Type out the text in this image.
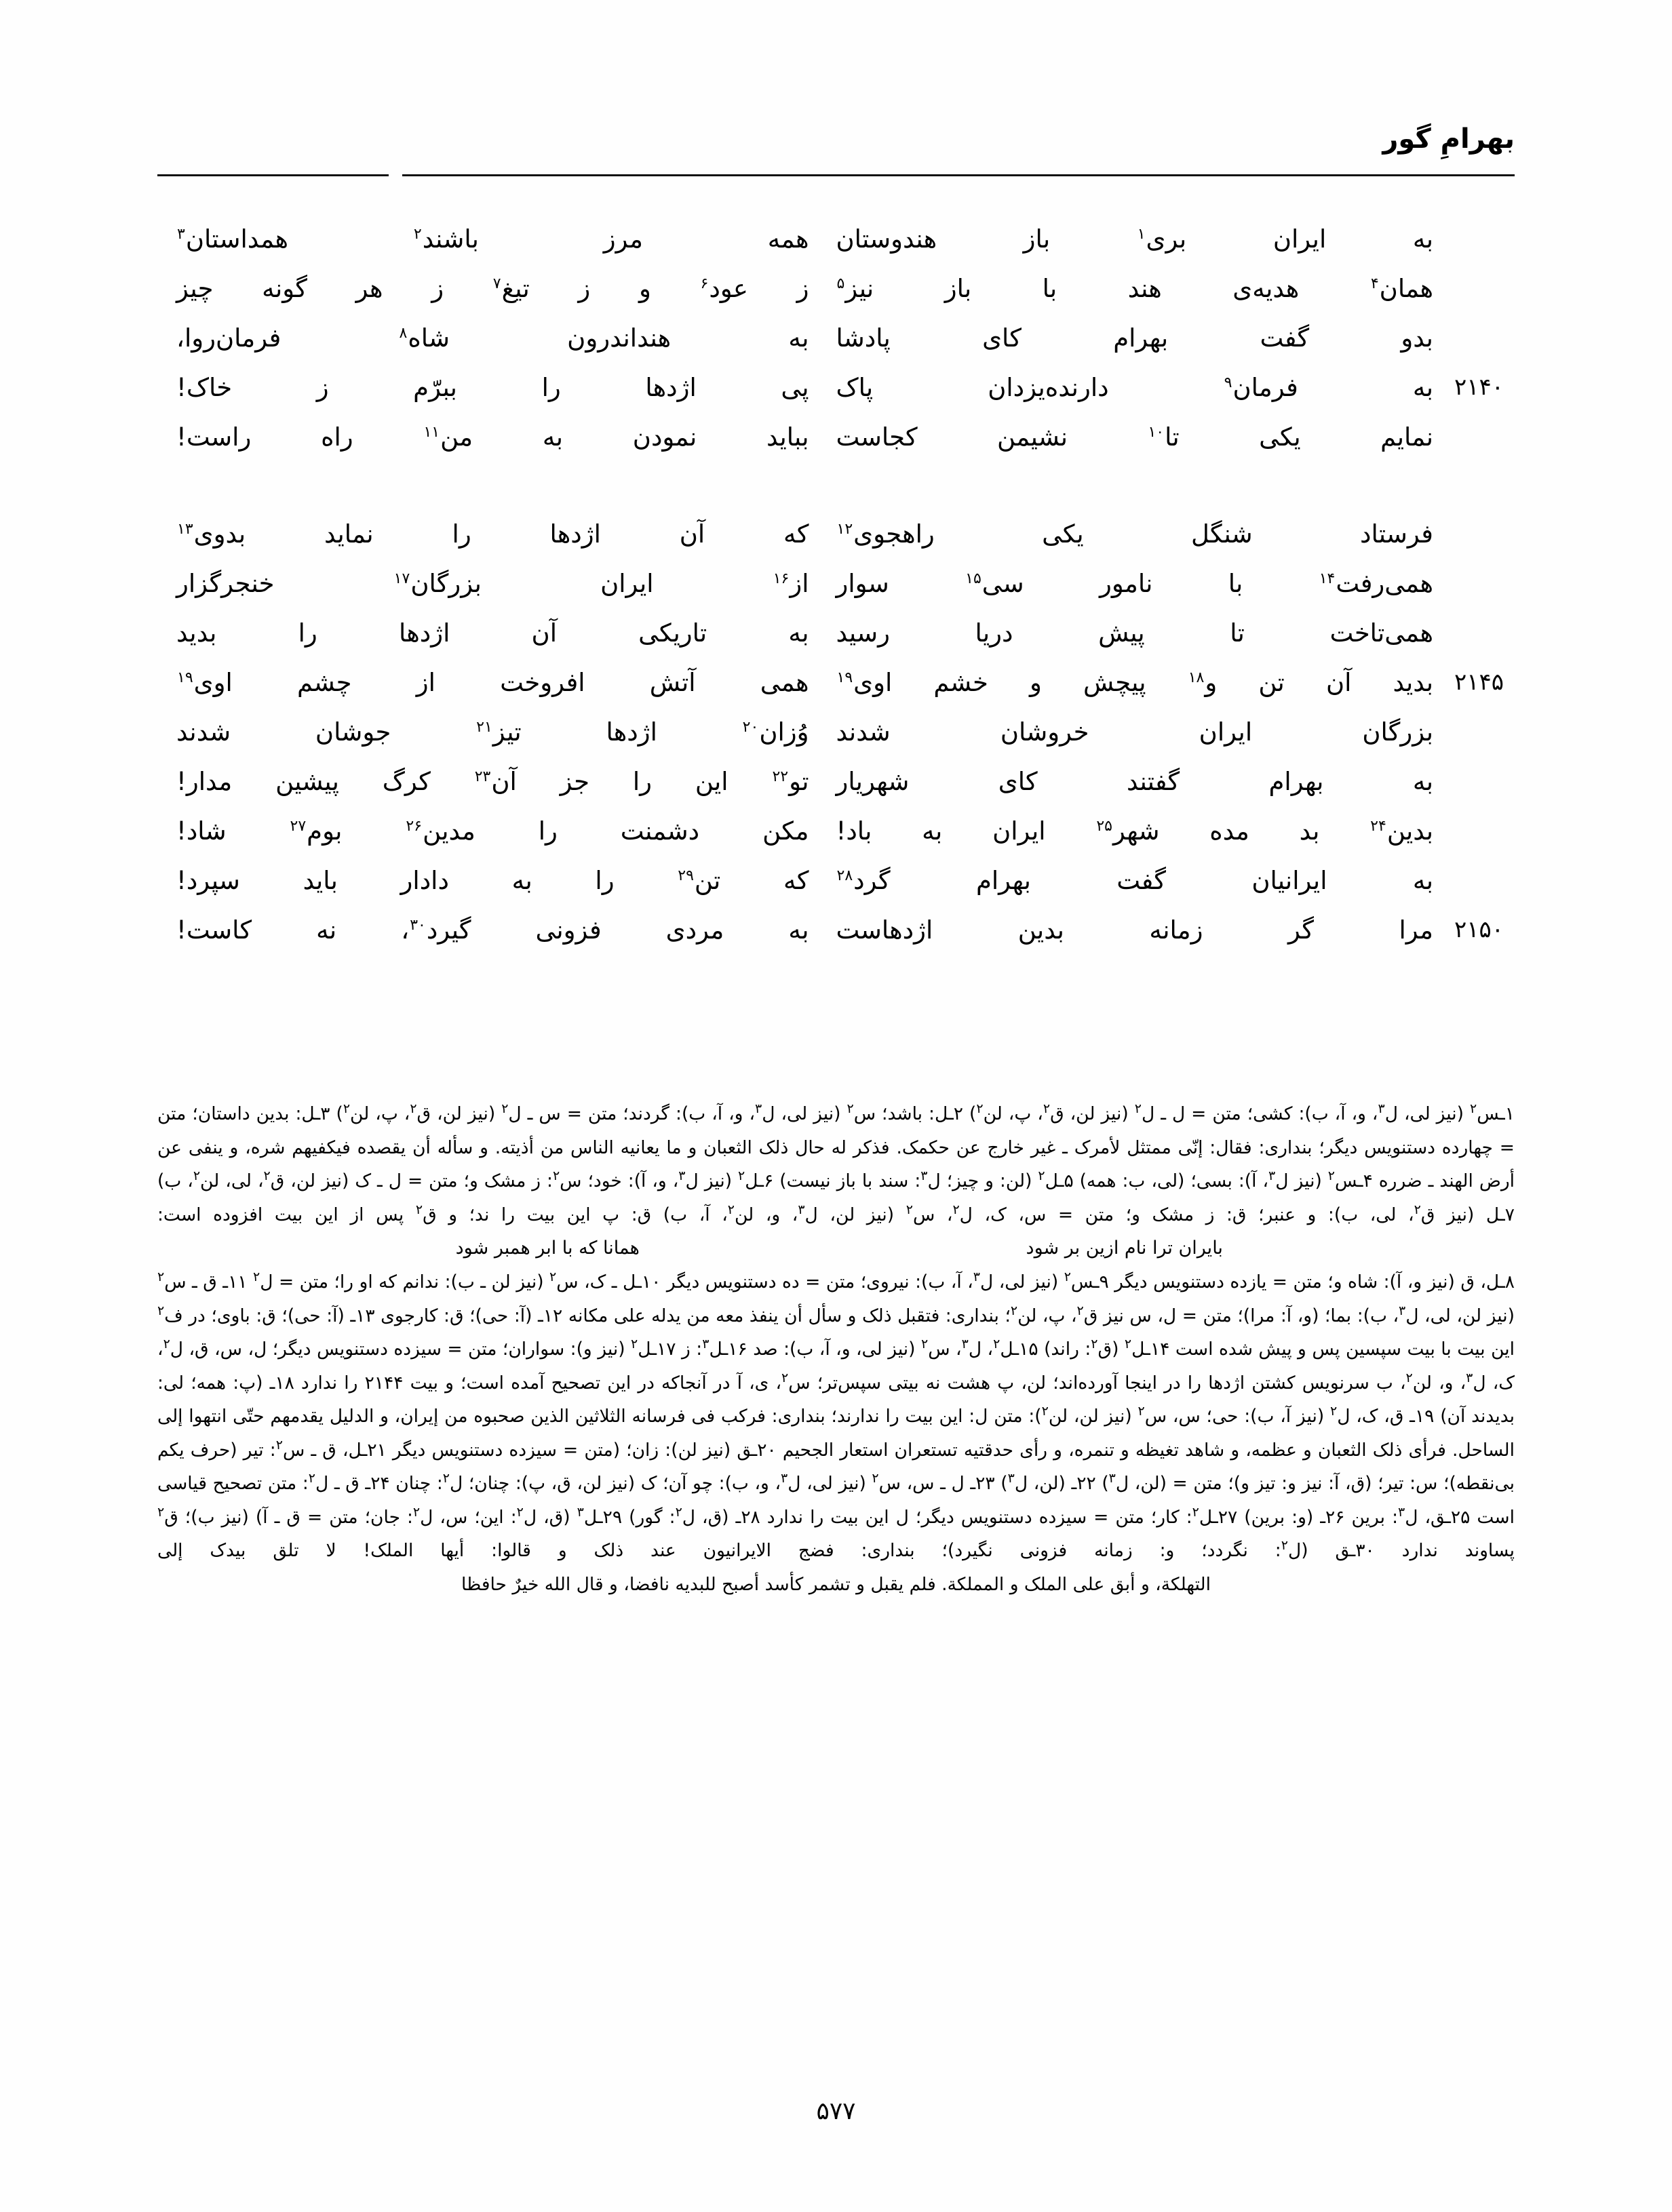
بهرامِ گور
به ایران بری$^۱$ باز هندوستان
همه مرز باشند$^۲$ همداستان$^۳$
همان$^۴$ هدیه‌ی هند با باز نیز$^۵$
ز عود$^۶$ و ز تیغ$^۷$ ز هر گونه چیز
بدو گفت بهرام کای پادشا
به هنداندرون شاه$^۸$ فرمان‌روا،
۲۱۴۰
به فرمان$^۹$ دارنده‌یزدان پاک
پی اژدها را ببرّم ز خاک!
نمایم یکی تا$^{۱۰}$ نشیمن کجاست
بباید نمودن به من$^{۱۱}$ راه راست!
فرستاد شنگل یکی راهجوی$^{۱۲}$
که آن اژدها را نماید بدوی$^{۱۳}$
همی‌رفت$^{۱۴}$ با نامور سی$^{۱۵}$ سوار
از$^{۱۶}$ ایران بزرگان$^{۱۷}$ خنجرگزار
همی‌تاخت تا پیش دریا رسید
به تاریکی آن اژدها را بدید
۲۱۴۵
بدید آن تن و$^{۱۸}$ پیچش و خشم اوی$^{۱۹}$
همی آتش افروخت از چشم اوی$^{۱۹}$
بزرگان ایران خروشان شدند
وُزان$^{۲۰}$ اژدها تیز$^{۲۱}$ جوشان شدند
به بهرام گفتند کای شهریار
تو$^{۲۲}$ این را جز آن$^{۲۳}$ کرگ پیشین مدار!
بدین$^{۲۴}$ بد مده شهر$^{۲۵}$ ایران به باد!
مکن دشمنت را مدین$^{۲۶}$ بوم$^{۲۷}$ شاد!
به ایرانیان گفت بهرام گرد$^{۲۸}$
که تن$^{۲۹}$ را به دادار باید سپرد!
۲۱۵۰
مرا گر زمانه بدین اژدهاست
به مردی فزونی گیرد$^{۳۰}$، نه کاست!

۱ـس$^۲$ (نیز لی، ل$^۳$، و، آ، ب): کشی؛ متن = ل ـ ل$^۲$ (نیز لن، ق$^۲$، پ، لن$^۲$)‏ ۲ـل: باشد؛ س$^۲$ (نیز لی، ل$^۳$، و، آ، ب): گردند؛ متن = س ـ ل$^۲$ (نیز لن، ق$^۲$، پ، لن$^۲$)‏ ۳ـل: بدین داستان؛ متن = چهارده دستنویس دیگر؛ بنداری: فقال: إنّی ممتثل لأمرک ـ غیر خارج عن حکمک. فذکر له حال ذلک الثعبان و ما یعانیه الناس من أذیته. و سأله أن یقصده فیکفیهم شره، و ینفی عن أرض الهند ـ ضرره ۴ـس$^۲$ (نیز ل$^۳$، آ): بسی؛ (لی، ب: همه)‏ ۵ـل$^۲$ (لن: و چیز؛ ل$^۳$: سند با باز نیست)‏ ۶ـل$^۲$ (نیز ل$^۳$، و، آ): خود؛ س$^۲$: ز مشک و؛ متن = ل ـ ک (نیز لن، ق$^۲$، لی، لن$^۲$، ب)‏ ۷ـل (نیز ق$^۲$، لی، ب): و عنبر؛ ق: ز مشک و؛ متن = س، ک، ل$^۲$، س$^۲$ (نیز لن، ل$^۳$، و، لن$^۲$، آ، ب)‏ ق: پ این بیت را ند؛ و ق$^۲$ پس از این بیت افزوده است:

بایران ترا نام ازین بر شود
همانا که با ابر همبر شود

۸ـل، ق (نیز و، آ): شاه و؛ متن = یازده دستنویس دیگر ۹ـس$^۲$ (نیز لی، ل$^۳$، آ، ب): نیروی؛ متن = ده دستنویس دیگر ۱۰ـل ـ ک، س$^۲$ (نیز لن ـ ب): ندانم که او را؛ متن = ل$^۲$ ۱۱ـ ق ـ س$^۲$ (نیز لن، لی، ل$^۳$، ب): بما؛ (و، آ: مرا)؛ متن = ل، س نیز ق$^۲$، پ، لن$^۲$؛ بنداری: فتقبل ذلک و سأل أن ینفذ معه من یدله علی مکانه ۱۲ـ (آ: حی)؛ ق: کارجوی ۱۳ـ (آ: حی)؛ ق: باوی؛ در ف$^۲$ این بیت با بیت سپسین پس و پیش شده است ۱۴ـل$^۲$ (ق$^۲$: راند) ۱۵ـل$^۲$، ل$^۳$، س$^۲$ (نیز لی، و، آ، ب): صد ۱۶ـل$^۳$: ز ۱۷ـل$^۲$ (نیز و): سواران؛ متن = سیزده دستنویس دیگر؛ ل، س، ق، ل$^۲$، ک، ل$^۳$، و، لن$^۲$، ب سرنویس کشتن اژدها را در اینجا آورده‌اند؛ لن، پ هشت نه بیتی سپس‌تر؛ س$^۲$، ی، آ در آنجاکه در این تصحیح آمده است؛ و بیت ۲۱۴۴ را ندارد ۱۸ـ (پ: همه؛ لی: بدیدند آن) ۱۹ـ ق، ک، ل$^۲$ (نیز آ، ب): حی؛ س، س$^۲$ (نیز لن، لن$^۲$): متن ل: این بیت را ندارند؛ بنداری: فرکب فی فرسانه الثلاثین الذین صحبوه من إیران، و الدلیل یقدمهم حتّی انتهوا إلی الساحل. فرأی ذلک الثعبان و عظمه، و شاهد تغیظه و تنمره، و رأی حدقتیه تستعران استعار الجحیم ۲۰ـق (نیز لن): زان؛ (متن = سیزده دستنویس دیگر ۲۱ـل، ق ـ س$^۲$: تیر (حرف یکم بی‌نقطه)؛ س: تیر؛ (ق، آ: نیز و: تیز و)؛ متن = (لن، ل$^۳$) ۲۲ـ (لن، ل$^۳$) ۲۳ـ ل ـ س، س$^۲$ (نیز لی، ل$^۳$، و، ب): چو آن؛ ک (نیز لن، ق، پ): چنان؛ ل$^۲$: چنان ۲۴ـ ق ـ ل$^۲$: متن تصحیح قیاسی است ۲۵ـق، ل$^۳$: برین ۲۶ـ (و: برین) ۲۷ـل$^۲$: کار؛ متن = سیزده دستنویس دیگر؛ ل این بیت را ندارد ۲۸ـ (ق، ل$^۲$: گور) ۲۹ـل$^۳$ (ق، ل$^۲$: این؛ س، ل$^۲$: جان؛ متن = ق ـ آ) (نیز ب)؛ ق$^۲$ پساوند ندارد ۳۰ـق (ل$^۲$: نگردد؛ و: زمانه فزونی نگیرد)؛ بنداری: فضج الایرانیون عند ذلک و قالوا: أیها الملک! لا تلق بیدک إلی

التهلکة، و أبق علی الملک و المملکة. فلم یقبل و تشمر کأسد أصبح للبدیه نافضا، و قال الله خیرٌ حافظا

۵۷۷
